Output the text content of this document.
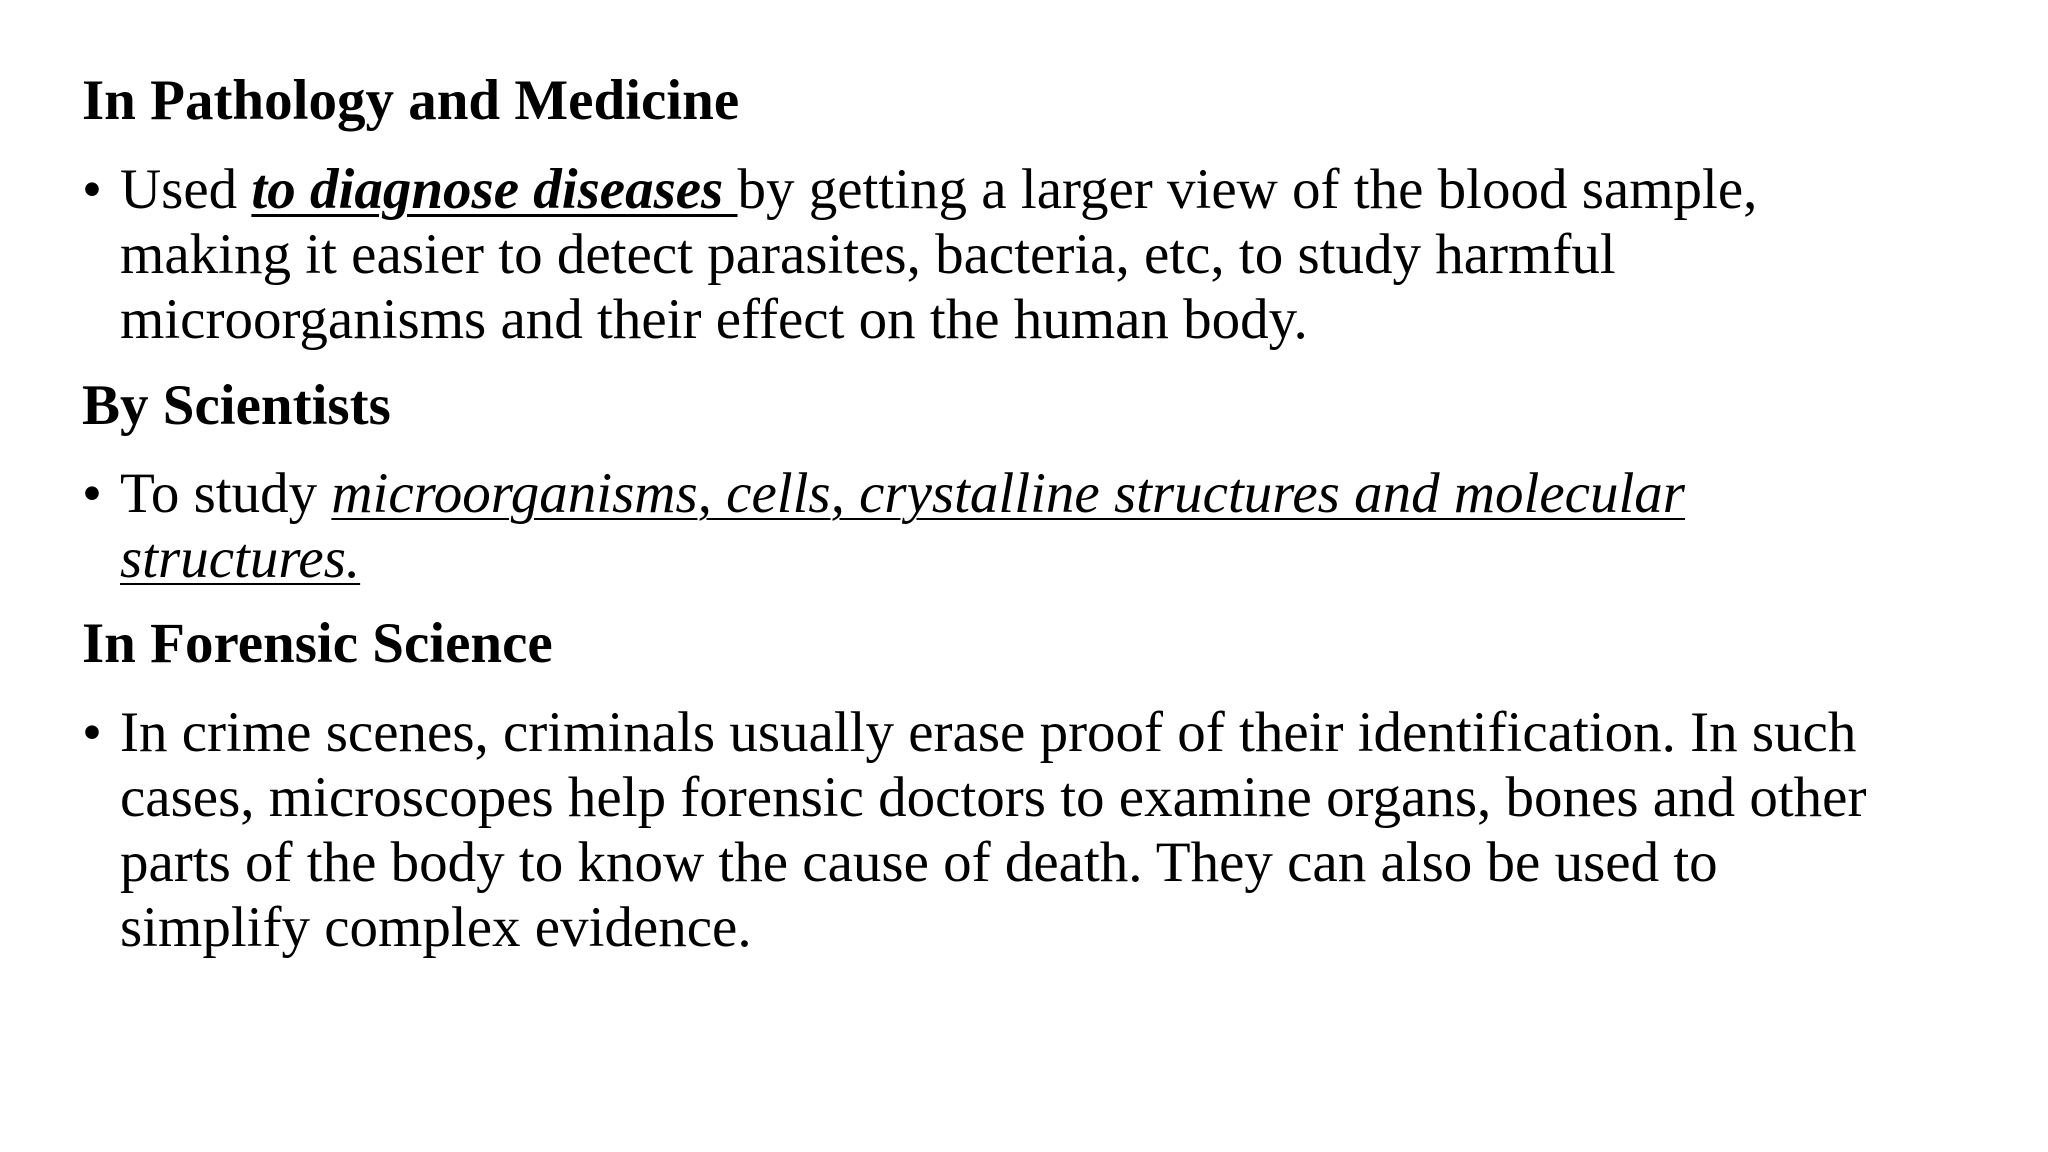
In Pathology and Medicine
• Used to diagnose diseases by getting a larger view of the blood sample,
making it easier to detect parasites, bacteria, etc, to study harmful
microorganisms and their effect on the human body.
By Scientists
• To study microorganisms, cells, crystalline structures and molecular
structures.
In Forensic Science
• In crime scenes, criminals usually erase proof of their identification. In such
cases, microscopes help forensic doctors to examine organs, bones and other
parts of the body to know the cause of death. They can also be used to
simplify complex evidence.
